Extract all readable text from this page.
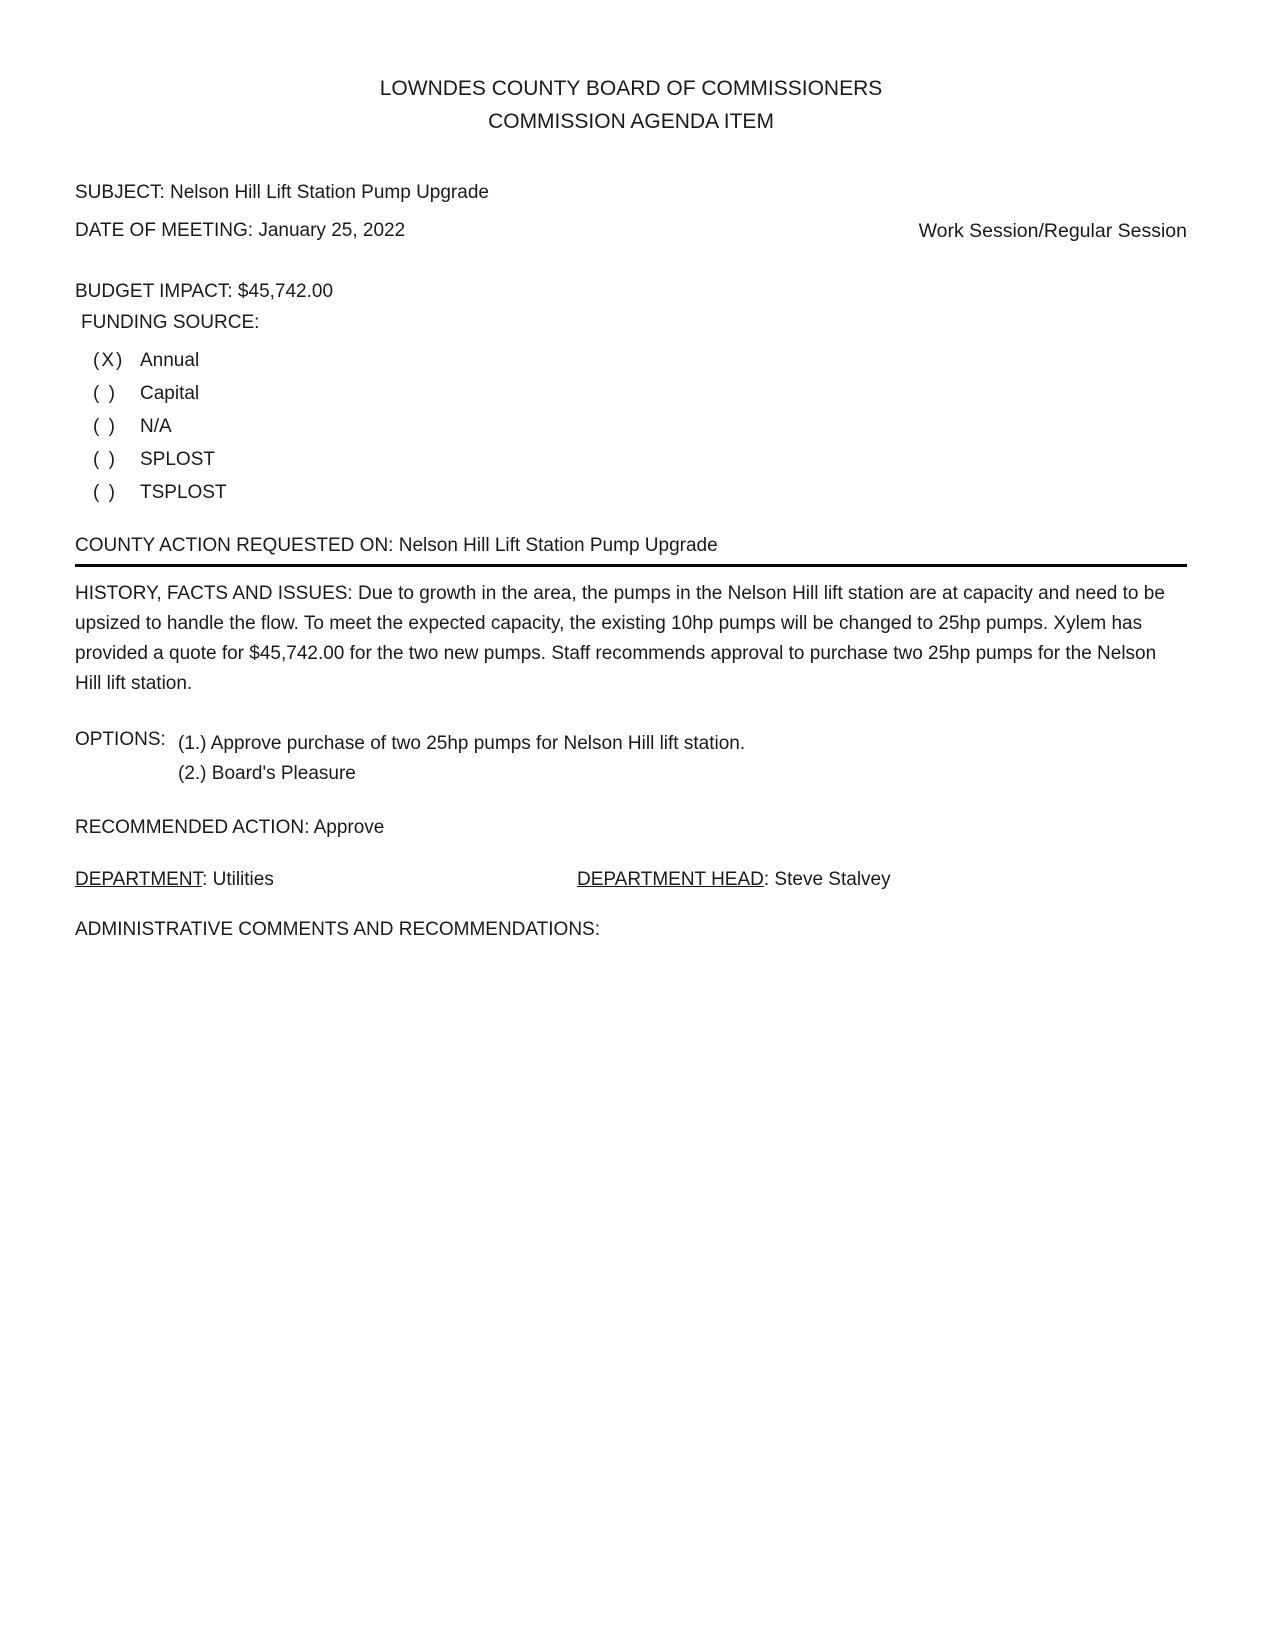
LOWNDES COUNTY BOARD OF COMMISSIONERS
COMMISSION AGENDA ITEM
SUBJECT: Nelson Hill Lift Station Pump Upgrade
DATE OF MEETING: January 25, 2022	Work Session/Regular Session
BUDGET IMPACT: $45,742.00
FUNDING SOURCE:
(X) Annual
( )	Capital
( )	N/A
( )	SPLOST
( )	TSPLOST
COUNTY ACTION REQUESTED ON: Nelson Hill Lift Station Pump Upgrade
HISTORY, FACTS AND ISSUES: Due to growth in the area, the pumps in the Nelson Hill lift station are at capacity and need to be upsized to handle the flow. To meet the expected capacity, the existing 10hp pumps will be changed to 25hp pumps. Xylem has provided a quote for $45,742.00 for the two new pumps. Staff recommends approval to purchase two 25hp pumps for the Nelson Hill lift station.
OPTIONS: (1.) Approve purchase of two 25hp pumps for Nelson Hill lift station.
(2.) Board's Pleasure
RECOMMENDED ACTION: Approve
DEPARTMENT: Utilities	DEPARTMENT HEAD: Steve Stalvey
ADMINISTRATIVE COMMENTS AND RECOMMENDATIONS:
